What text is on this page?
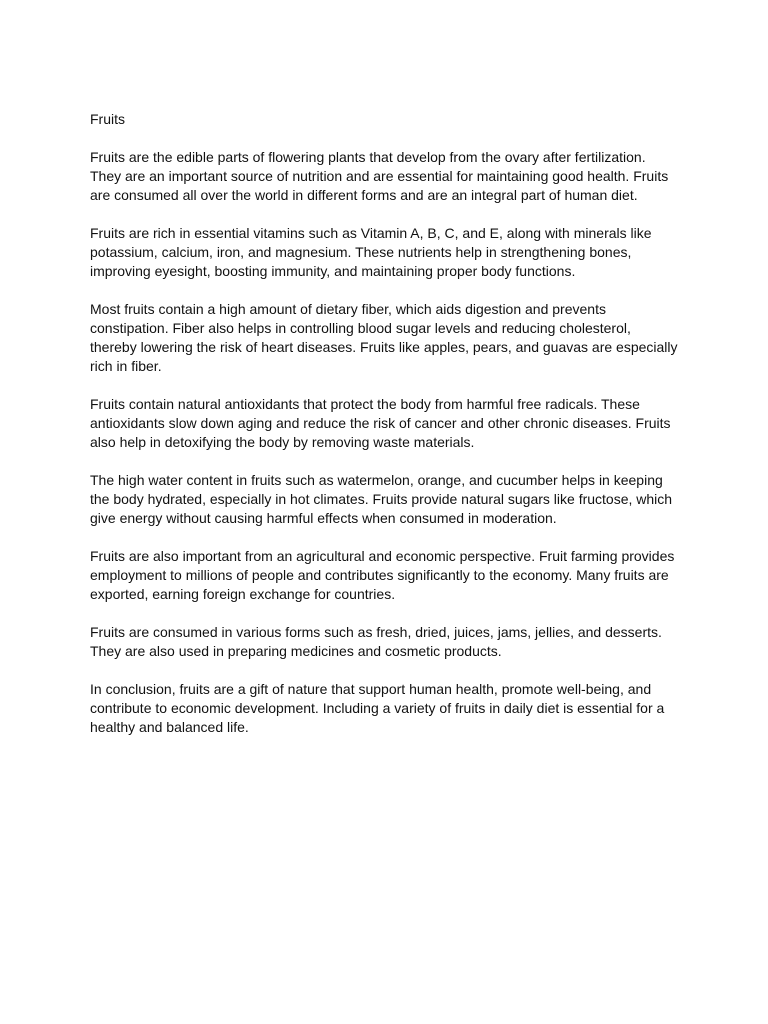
Fruits

Fruits are the edible parts of flowering plants that develop from the ovary after fertilization. They are an important source of nutrition and are essential for maintaining good health. Fruits are consumed all over the world in different forms and are an integral part of human diet.

Fruits are rich in essential vitamins such as Vitamin A, B, C, and E, along with minerals like potassium, calcium, iron, and magnesium. These nutrients help in strengthening bones, improving eyesight, boosting immunity, and maintaining proper body functions.

Most fruits contain a high amount of dietary fiber, which aids digestion and prevents constipation. Fiber also helps in controlling blood sugar levels and reducing cholesterol, thereby lowering the risk of heart diseases. Fruits like apples, pears, and guavas are especially rich in fiber.

Fruits contain natural antioxidants that protect the body from harmful free radicals. These antioxidants slow down aging and reduce the risk of cancer and other chronic diseases. Fruits also help in detoxifying the body by removing waste materials.

The high water content in fruits such as watermelon, orange, and cucumber helps in keeping the body hydrated, especially in hot climates. Fruits provide natural sugars like fructose, which give energy without causing harmful effects when consumed in moderation.

Fruits are also important from an agricultural and economic perspective. Fruit farming provides employment to millions of people and contributes significantly to the economy. Many fruits are exported, earning foreign exchange for countries.

Fruits are consumed in various forms such as fresh, dried, juices, jams, jellies, and desserts. They are also used in preparing medicines and cosmetic products.

In conclusion, fruits are a gift of nature that support human health, promote well-being, and contribute to economic development. Including a variety of fruits in daily diet is essential for a healthy and balanced life.
